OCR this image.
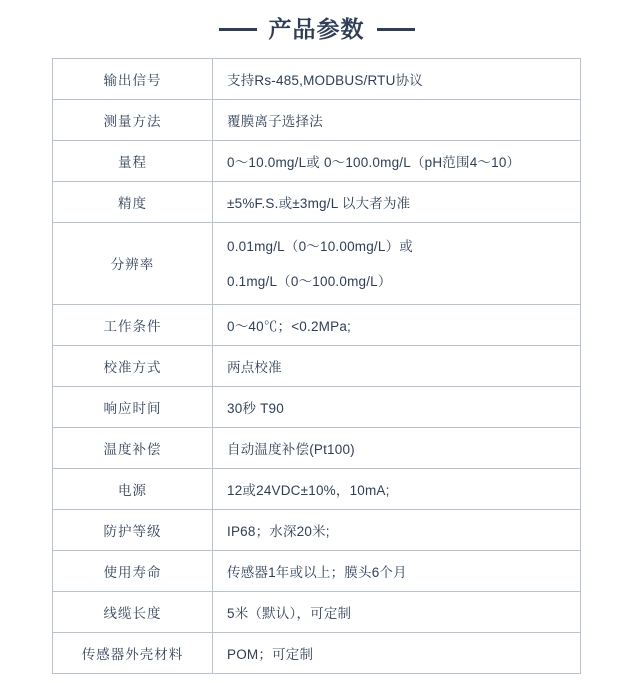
产品参数
输出信号	支持Rs-485,MODBUS/RTU协议
测量方法	覆膜离子选择法
量程	0～10.0mg/L或 0～100.0mg/L（pH范围4～10）
精度	±5%F.S.或±3mg/L 以大者为准
分辨率	0.01mg/L（0～10.00mg/L）或
0.1mg/L（0～100.0mg/L）

工作条件	0～40℃；<0.2MPa;
校准方式	两点校准
响应时间	30秒 T90
温度补偿	自动温度补偿(Pt100)
电源	12或24VDC±10%，10mA;
防护等级	IP68；水深20米;
使用寿命	传感器1年或以上；膜头6个月
线缆长度	5米（默认），可定制
传感器外壳材料	POM；可定制
